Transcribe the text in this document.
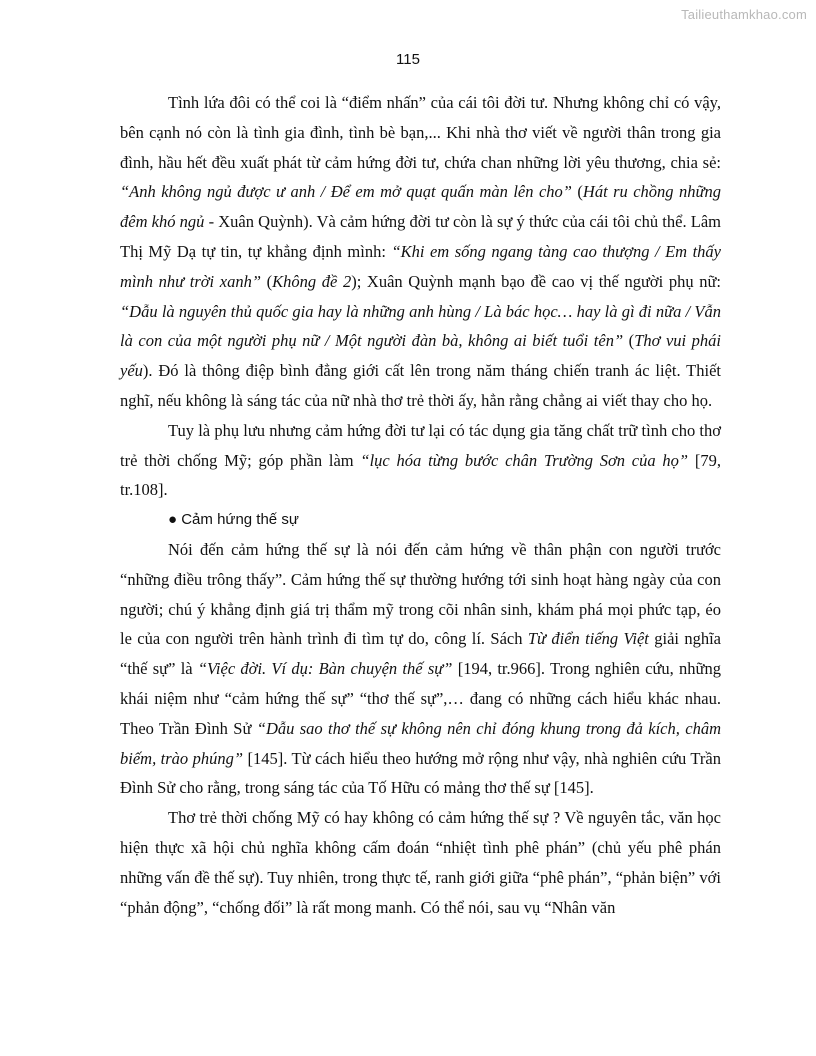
Tailieuthamkhao.com
115

Tình lứa đôi có thể coi là “điểm nhấn” của cái tôi đời tư. Nhưng không chỉ có vậy, bên cạnh nó còn là tình gia đình, tình bè bạn,... Khi nhà thơ viết về người thân trong gia đình, hầu hết đều xuất phát từ cảm hứng đời tư, chứa chan những lời yêu thương, chia sẻ: “Anh không ngủ được ư anh / Để em mở quạt quấn màn lên cho” (Hát ru chồng những đêm khó ngủ - Xuân Quỳnh). Và cảm hứng đời tư còn là sự ý thức của cái tôi chủ thể. Lâm Thị Mỹ Dạ tự tin, tự khẳng định mình: “Khi em sống ngang tàng cao thượng / Em thấy mình như trời xanh” (Không đề 2); Xuân Quỳnh mạnh bạo đề cao vị thế người phụ nữ: “Dẫu là nguyên thủ quốc gia hay là những anh hùng / Là bác học… hay là gì đi nữa / Vẫn là con của một người phụ nữ / Một người đàn bà, không ai biết tuổi tên” (Thơ vui phái yếu). Đó là thông điệp bình đẳng giới cất lên trong năm tháng chiến tranh ác liệt. Thiết nghĩ, nếu không là sáng tác của nữ nhà thơ trẻ thời ấy, hẳn rằng chẳng ai viết thay cho họ.

Tuy là phụ lưu nhưng cảm hứng đời tư lại có tác dụng gia tăng chất trữ tình cho thơ trẻ thời chống Mỹ; góp phần làm “lục hóa từng bước chân Trường Sơn của họ” [79, tr.108].

● Cảm hứng thế sự

Nói đến cảm hứng thế sự là nói đến cảm hứng về thân phận con người trước “những điều trông thấy”. Cảm hứng thế sự thường hướng tới sinh hoạt hàng ngày của con người; chú ý khẳng định giá trị thẩm mỹ trong cõi nhân sinh, khám phá mọi phức tạp, éo le của con người trên hành trình đi tìm tự do, công lí. Sách Từ điển tiếng Việt giải nghĩa “thế sự” là “Việc đời. Ví dụ: Bàn chuyện thế sự” [194, tr.966]. Trong nghiên cứu, những khái niệm như “cảm hứng thế sự” “thơ thế sự”,… đang có những cách hiểu khác nhau. Theo Trần Đình Sử “Dẫu sao thơ thế sự không nên chỉ đóng khung trong đả kích, châm biếm, trào phúng” [145]. Từ cách hiểu theo hướng mở rộng như vậy, nhà nghiên cứu Trần Đình Sử cho rằng, trong sáng tác của Tố Hữu có mảng thơ thế sự [145].

Thơ trẻ thời chống Mỹ có hay không có cảm hứng thế sự ? Về nguyên tắc, văn học hiện thực xã hội chủ nghĩa không cấm đoán “nhiệt tình phê phán” (chủ yếu phê phán những vấn đề thế sự). Tuy nhiên, trong thực tế, ranh giới giữa “phê phán”, “phản biện” với “phản động”, “chống đối” là rất mong manh. Có thể nói, sau vụ “Nhân văn
